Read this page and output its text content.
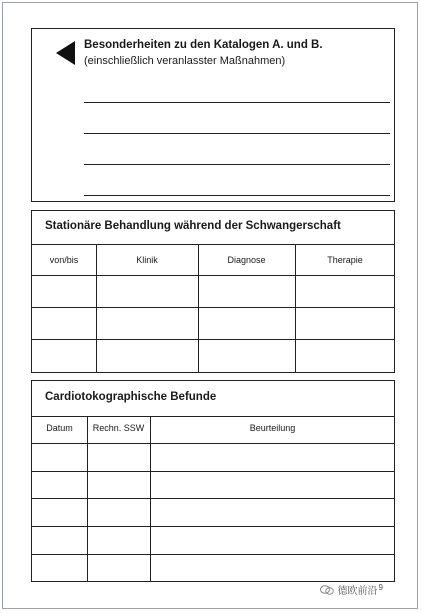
Besonderheiten zu den Katalogen A. und B.
(einschließlich veranlasster Maßnahmen)
Stationäre Behandlung während der Schwangerschaft
von/bis	Klinik	Diagnose	Therapie
Cardiotokographische Befunde
Datum	Rechn. SSW	Beurteilung
德欧前沿$^9$
